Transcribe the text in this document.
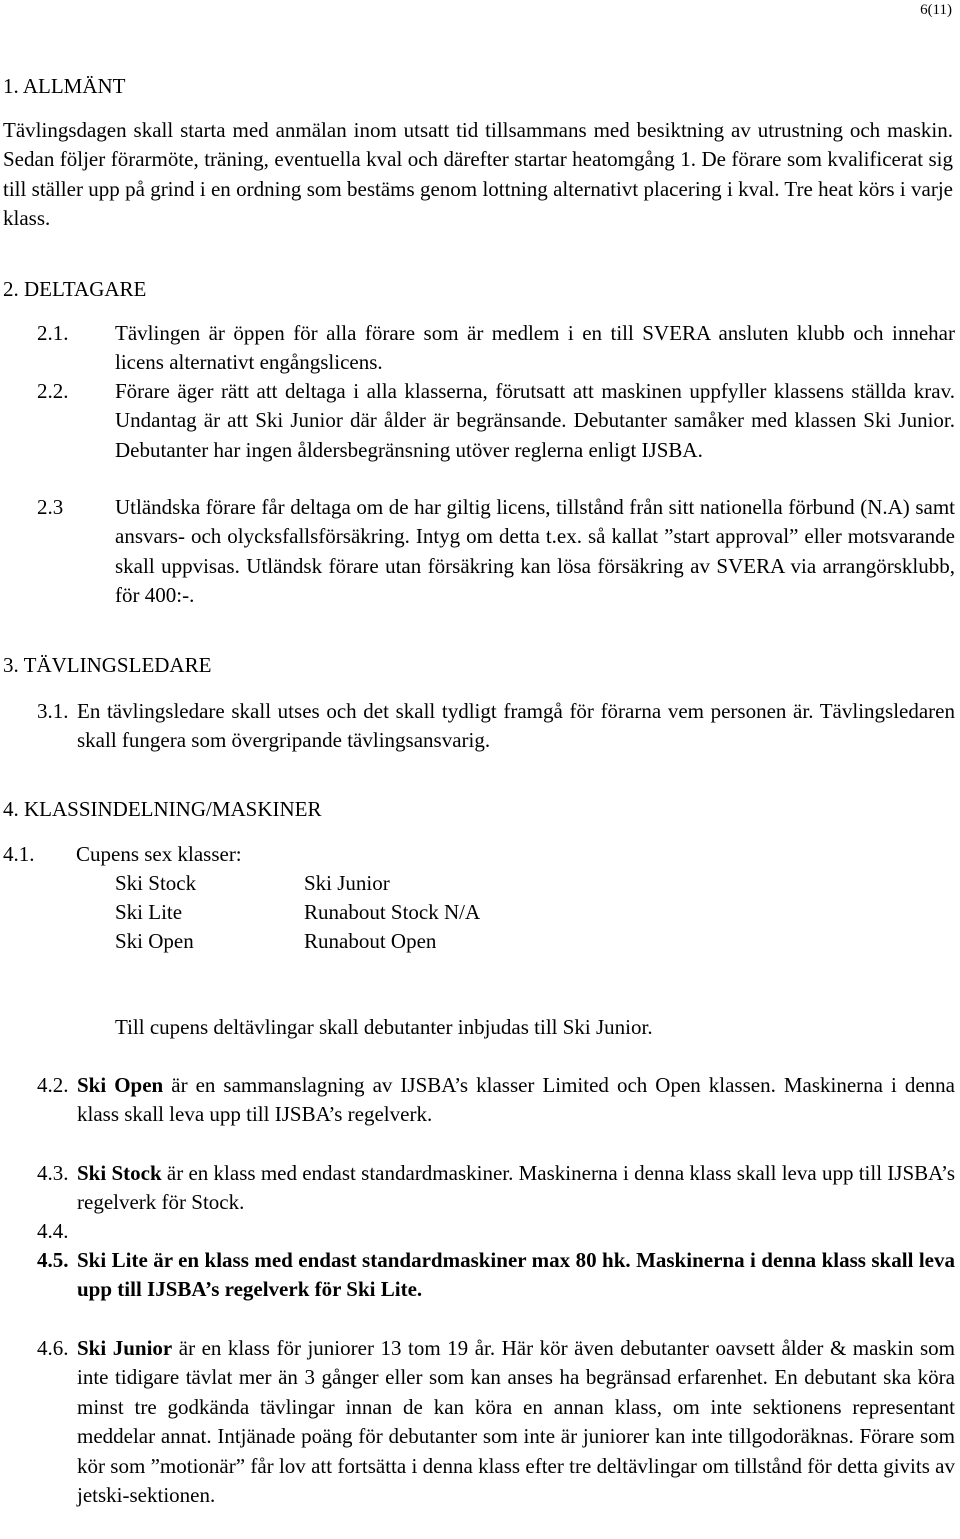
6(11)
1. ALLMÄNT
Tävlingsdagen skall starta med anmälan inom utsatt tid tillsammans med besiktning av utrustning och maskin. Sedan följer förarmöte, träning, eventuella kval och därefter startar heatomgång 1. De förare som kvalificerat sig till ställer upp på grind i en ordning som bestäms genom lottning alternativt placering i kval. Tre heat körs i varje klass.
2. DELTAGARE
2.1. Tävlingen är öppen för alla förare som är medlem i en till SVERA ansluten klubb och innehar licens alternativt engångslicens.
2.2. Förare äger rätt att deltaga i alla klasserna, förutsatt att maskinen uppfyller klassens ställda krav. Undantag är att Ski Junior där ålder är begränsande. Debutanter samåker med klassen Ski Junior. Debutanter har ingen åldersbegränsning utöver reglerna enligt IJSBA.
2.3 Utländska förare får deltaga om de har giltig licens, tillstånd från sitt nationella förbund (N.A) samt ansvars- och olycksfallsförsäkring. Intyg om detta t.ex. så kallat ”start approval” eller motsvarande skall uppvisas. Utländsk förare utan försäkring kan lösa försäkring av SVERA via arrangörsklubb, för 400:-.
3. TÄVLINGSLEDARE
3.1. En tävlingsledare skall utses och det skall tydligt framgå för förarna vem personen är. Tävlingsledaren skall fungera som övergripande tävlingsansvarig.
4. KLASSINDELNING/MASKINER
4.1. Cupens sex klasser:
Ski Stock	Ski Junior
Ski Lite	Runabout Stock N/A
Ski Open	Runabout Open
Till cupens deltävlingar skall debutanter inbjudas till Ski Junior.
4.2. Ski Open är en sammanslagning av IJSBA’s klasser Limited och Open klassen. Maskinerna i denna klass skall leva upp till IJSBA’s regelverk.
4.3. Ski Stock är en klass med endast standardmaskiner. Maskinerna i denna klass skall leva upp till IJSBA’s regelverk för Stock.
4.4.
4.5. Ski Lite är en klass med endast standardmaskiner max 80 hk. Maskinerna i denna klass skall leva upp till IJSBA’s regelverk för Ski Lite.
4.6. Ski Junior är en klass för juniorer 13 tom 19 år. Här kör även debutanter oavsett ålder & maskin som inte tidigare tävlat mer än 3 gånger eller som kan anses ha begränsad erfarenhet. En debutant ska köra minst tre godkända tävlingar innan de kan köra en annan klass, om inte sektionens representant meddelar annat. Intjänade poäng för debutanter som inte är juniorer kan inte tillgodoräknas. Förare som kör som ”motionär” får lov att fortsätta i denna klass efter tre deltävlingar om tillstånd för detta givits av jetski-sektionen.
